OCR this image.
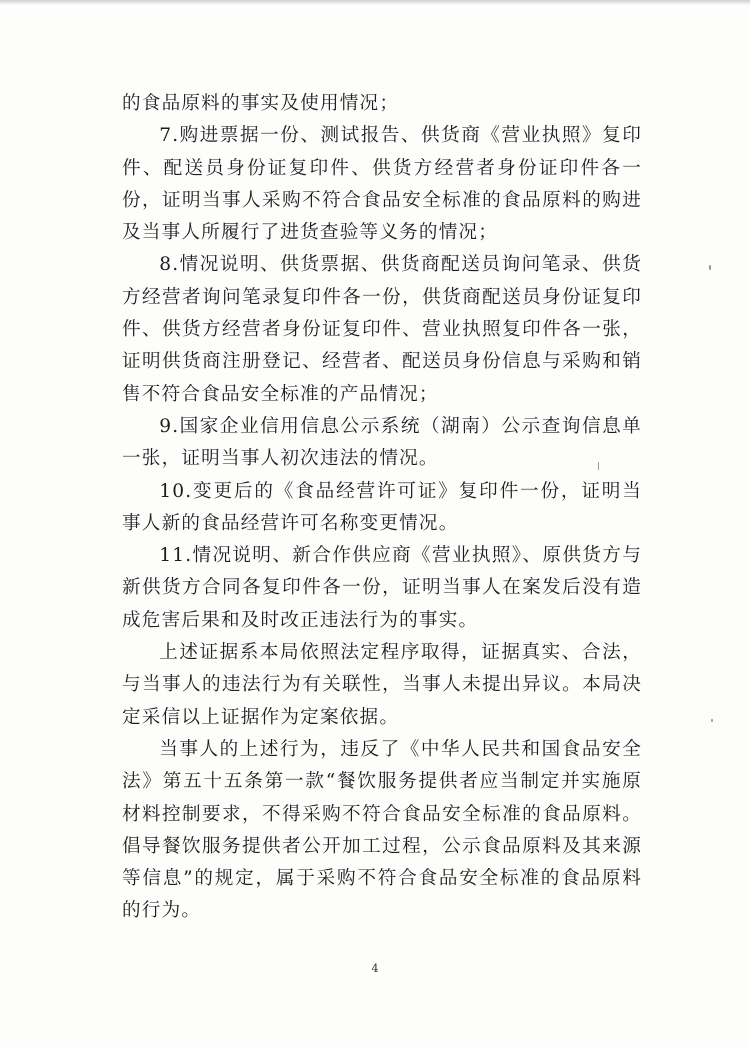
的食品原料的事实及使用情况；

7.购进票据一份、测试报告、供货商《营业执照》复印件、配送员身份证复印件、供货方经营者身份证印件各一份，证明当事人采购不符合食品安全标准的食品原料的购进及当事人所履行了进货查验等义务的情况；

8.情况说明、供货票据、供货商配送员询问笔录、供货方经营者询问笔录复印件各一份，供货商配送员身份证复印件、供货方经营者身份证复印件、营业执照复印件各一张，证明供货商注册登记、经营者、配送员身份信息与采购和销售不符合食品安全标准的产品情况；

9.国家企业信用信息公示系统（湖南）公示查询信息单一张，证明当事人初次违法的情况。

10.变更后的《食品经营许可证》复印件一份，证明当事人新的食品经营许可名称变更情况。

11.情况说明、新合作供应商《营业执照》、原供货方与新供货方合同各复印件各一份，证明当事人在案发后没有造成危害后果和及时改正违法行为的事实。

上述证据系本局依照法定程序取得，证据真实、合法，与当事人的违法行为有关联性，当事人未提出异议。本局决定采信以上证据作为定案依据。

当事人的上述行为，违反了《中华人民共和国食品安全法》第五十五条第一款“餐饮服务提供者应当制定并实施原材料控制要求，不得采购不符合食品安全标准的食品原料。倡导餐饮服务提供者公开加工过程，公示食品原料及其来源等信息”的规定，属于采购不符合食品安全标准的食品原料的行为。

4
